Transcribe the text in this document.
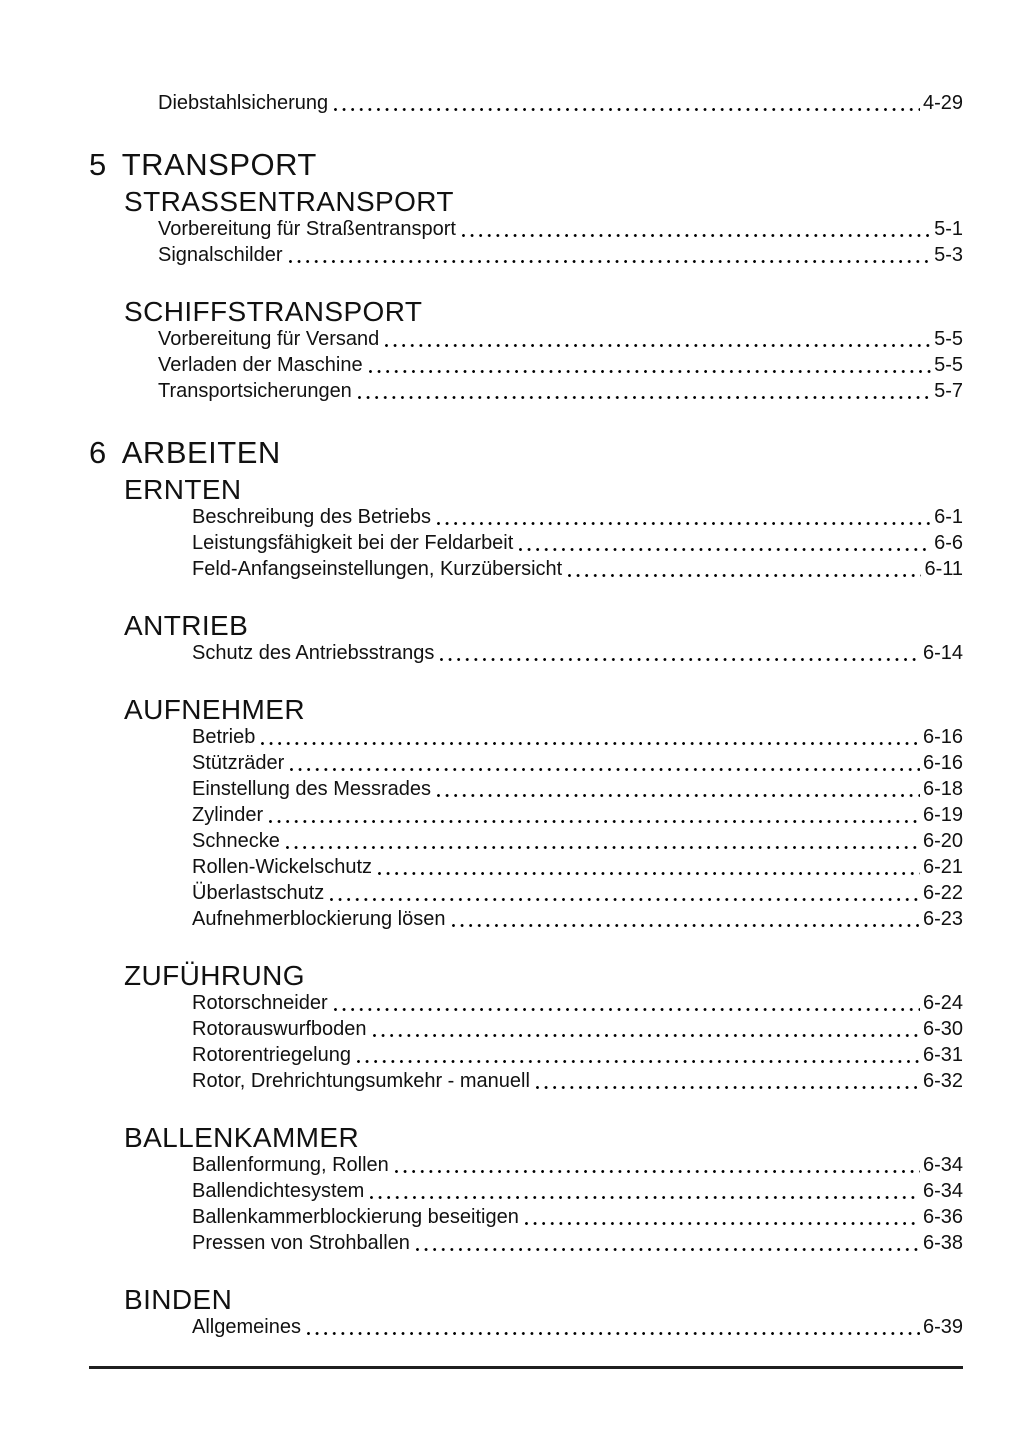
Diebstahlsicherung	4-29
5 TRANSPORT
STRASSENTRANSPORT
Vorbereitung für Straßentransport	5-1
Signalschilder	5-3
SCHIFFSTRANSPORT
Vorbereitung für Versand	5-5
Verladen der Maschine	5-5
Transportsicherungen	5-7
6 ARBEITEN
ERNTEN
Beschreibung des Betriebs	6-1
Leistungsfähigkeit bei der Feldarbeit	6-6
Feld-Anfangseinstellungen, Kurzübersicht	6-11
ANTRIEB
Schutz des Antriebsstrangs	6-14
AUFNEHMER
Betrieb	6-16
Stützräder	6-16
Einstellung des Messrades	6-18
Zylinder	6-19
Schnecke	6-20
Rollen-Wickelschutz	6-21
Überlastschutz	6-22
Aufnehmerblockierung lösen	6-23
ZUFÜHRUNG
Rotorschneider	6-24
Rotorauswurfboden	6-30
Rotorentriegelung	6-31
Rotor, Drehrichtungsumkehr - manuell	6-32
BALLENKAMMER
Ballenformung, Rollen	6-34
Ballendichtesystem	6-34
Ballenkammerblockierung beseitigen	6-36
Pressen von Strohballen	6-38
BINDEN
Allgemeines	6-39
